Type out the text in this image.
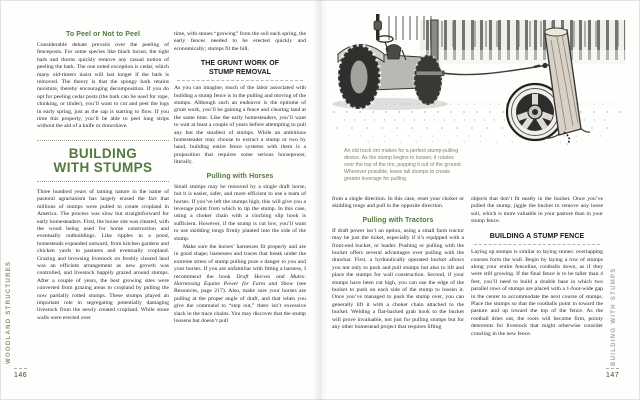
To Peel or Not to Peel

Considerable debate prevails over the peeling of fenceposts. For some species like black locust, the tight bark and thorns quickly remove any casual notion of peeling the bark. The one noted exception is cedar, which many old-timers insist will last longer if the bark is removed. The theory is that the spongy bark retains moisture, thereby encouraging decomposition. If you do opt for peeling cedar posts (the bark can be used for rope, chinking, or tinder), you’ll want to cut and peel the logs in early spring, just as the sap is starting to flow. If you time this properly, you’ll be able to peel long strips without the aid of a knife or drawshave.

BUILDING
WITH STUMPS

Three hundred years of taming nature in the name of pastoral agrarianism has largely erased the fact that millions of stumps were pulled to create cropland in America. The process was slow but straightforward for early homesteaders. First, the house site was cleared, with the wood being used for home construction and eventually outbuildings. Like ripples in a pond, homesteads expanded outward, from kitchen gardens and chicken yards to pastures and eventually cropland. Grazing and browsing livestock on freshly cleared land was an efficient arrangement as new growth was controlled, and livestock happily grazed around stumps. After a couple of years, the best growing sites were converted from grazing areas to cropland by pulling the now partially rotted stumps. These stumps played an important role in segregating potentially damaging livestock from the newly created cropland. While stone walls were erected over

time, with stones “growing” from the soil each spring, the early fences needed to be erected quickly and economically; stumps fit the bill.

THE GRUNT WORK OF
STUMP REMOVAL

As you can imagine, much of the labor associated with building a stump fence is in the pulling and moving of the stumps. Although such an endeavor is the epitome of grunt work, you’ll be gaining a fence and clearing land at the same time. Like the early homesteaders, you’ll want to wait at least a couple of years before attempting to pull any but the smallest of stumps. While an ambitious homesteader may choose to extract a stump or two by hand, building entire fence systems with them is a proposition that requires some serious horsepower, literally.

Pulling with Horses

Small stumps may be removed by a single draft horse, but it is easier, safer, and more efficient to use a team of horses. If you’ve left the stumps high, this will give you a leverage point from which to tip the stump. In this case, using a choker chain with a cinching slip hook is sufficient. However, if the stump is cut low, you’ll want to use skidding tongs firmly planted into the side of the stump.

Make sure the horses’ harnesses fit properly and are in good shape; harnesses and traces that break under the extreme stress of stump pulling pose a danger to you and your horses. If you are unfamiliar with fitting a harness, I recommend the book Draft Horses and Mules: Harnessing Equine Power for Farm and Show (see Resources, page 217). Also, make sure your horses are pulling at the proper angle of draft, and that when you give the command to “step out,” there isn’t excessive slack in the trace chains. You may discover that the stump loosens but doesn’t pull

WOODLAND STRUCTURES
146
An old truck rim makes for a perfect stump-pulling device. As the stump begins to loosen, it rotates over the top of the rim, popping it out of the ground. Wherever possible, leave tall stumps to create greater leverage for pulling.

from a single direction. In this case, reset your choker or skidding tongs and pull in the opposite direction.

Pulling with Tractors

If draft power isn’t an option, using a small farm tractor may be just the ticket, especially if it’s equipped with a front-end bucket, or loader. Pushing or pulling with the bucket offers several advantages over pulling with the drawbar. First, a hydraulically operated bucket allows you not only to push and pull stumps but also to lift and place the stumps for wall construction. Second, if your stumps have been cut high, you can use the edge of the bucket to push on each side of the stump to loosen it. Once you’ve managed to push the stump over, you can generally lift it with a choker chain attached to the bucket. Welding a flat-backed grab hook to the bucket will prove invaluable, not just for pulling stumps but for any other homestead project that requires lifting

objects that don’t fit neatly in the bucket. Once you’ve pulled the stump, jiggle the bucket to remove any loose soil, which is more valuable in your pasture than in your stump fence.

BUILDING A STUMP FENCE

Laying up stumps is similar to laying stones: overlapping courses form the wall. Begin by laying a row of stumps along your entire fenceline, rootballs down, as if they were still growing. If the final fence is to be taller than 4 feet, you’ll need to build a double base in which two parallel rows of stumps are placed with a 1-foot-wide gap in the center to accommodate the next course of stumps. Place the stumps so that the rootballs point in toward the pasture and up toward the top of the fence. As the rootball dries out, the roots will become firm, pointy deterrents for livestock that might otherwise consider crawling in the new fence.	BUILDING WITH STUMPS
147
